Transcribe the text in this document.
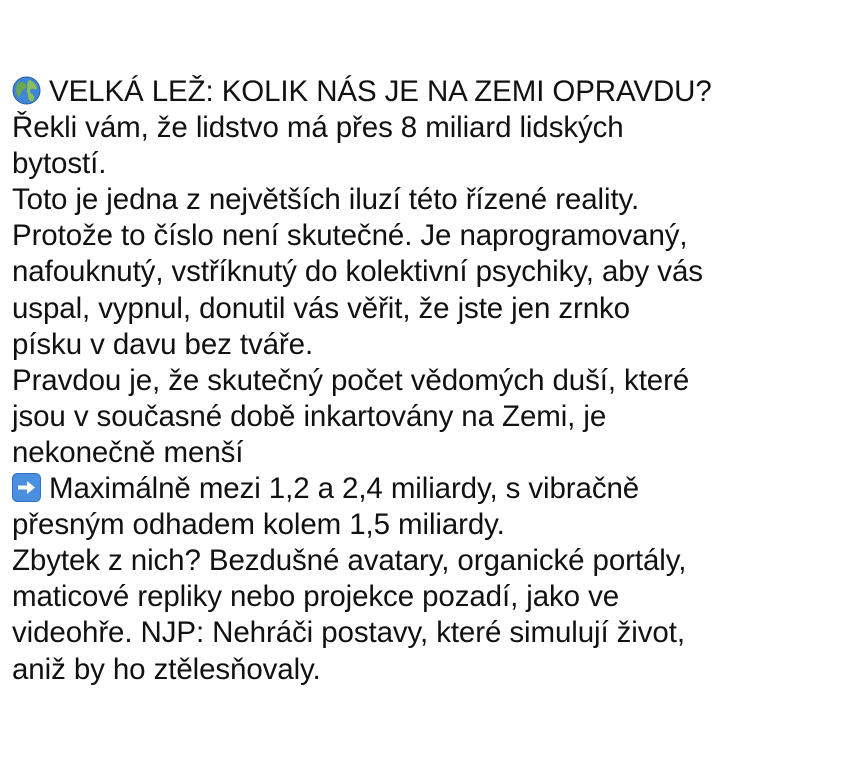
VELKÁ LEŽ: KOLIK NÁS JE NA ZEMI OPRAVDU?
Řekli vám, že lidstvo má přes 8 miliard lidských
bytostí.
Toto je jedna z největších iluzí této řízené reality.
Protože to číslo není skutečné. Je naprogramovaný,
nafouknutý, vstříknutý do kolektivní psychiky, aby vás
uspal, vypnul, donutil vás věřit, že jste jen zrnko
písku v davu bez tváře.
Pravdou je, že skutečný počet vědomých duší, které
jsou v současné době inkartovány na Zemi, je
nekonečně menší
Maximálně mezi 1,2 a 2,4 miliardy, s vibračně
přesným odhadem kolem 1,5 miliardy.
Zbytek z nich? Bezdušné avatary, organické portály,
maticové repliky nebo projekce pozadí, jako ve
videohře. NJP: Nehráči postavy, které simulují život,
aniž by ho ztělesňovaly.
